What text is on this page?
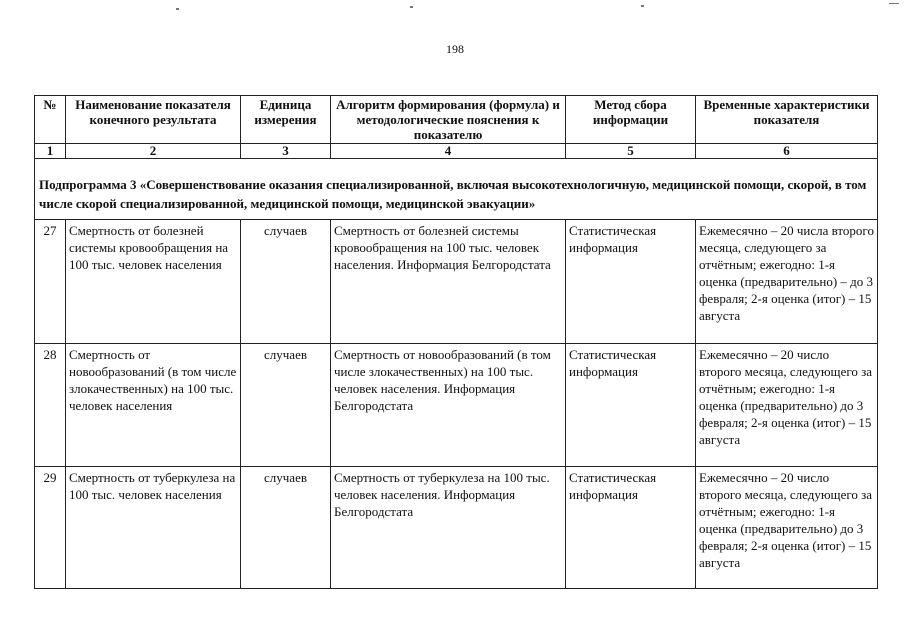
198
№	Наименование показателя конечного результата	Единица измерения	Алгоритм формирования (формула) и методологические пояснения к показателю	Метод сбора информации	Временные характеристики показателя
1	2	3	4	5	6
Подпрограмма 3 «Совершенствование оказания специализированной, включая высокотехнологичную, медицинской помощи, скорой, в том числе скорой специализированной, медицинской помощи, медицинской эвакуации»					
27	Смертность от болезней системы кровообращения на 100 тыс. человек населения	случаев	Смертность от болезней системы кровообращения на 100 тыс. человек населения. Информация Белгородстата	Статистическая информация	Ежемесячно – 20 числа второго месяца, следующего за отчётным; ежегодно: 1-я оценка (предварительно) – до 3 февраля; 2-я оценка (итог) – 15 августа
28	Смертность от новообразований (в том числе злокачественных) на 100 тыс. человек населения	случаев	Смертность от новообразований (в том числе злокачественных) на 100 тыс. человек населения. Информация Белгородстата	Статистическая информация	Ежемесячно – 20 число второго месяца, следующего за отчётным; ежегодно: 1-я оценка (предварительно) до 3 февраля; 2-я оценка (итог) – 15 августа
29	Смертность от туберкулеза на 100 тыс. человек населения	случаев	Смертность от туберкулеза на 100 тыс. человек населения. Информация Белгородстата	Статистическая информация	Ежемесячно – 20 число второго месяца, следующего за отчётным; ежегодно: 1-я оценка (предварительно) до 3 февраля; 2-я оценка (итог) – 15 августа
